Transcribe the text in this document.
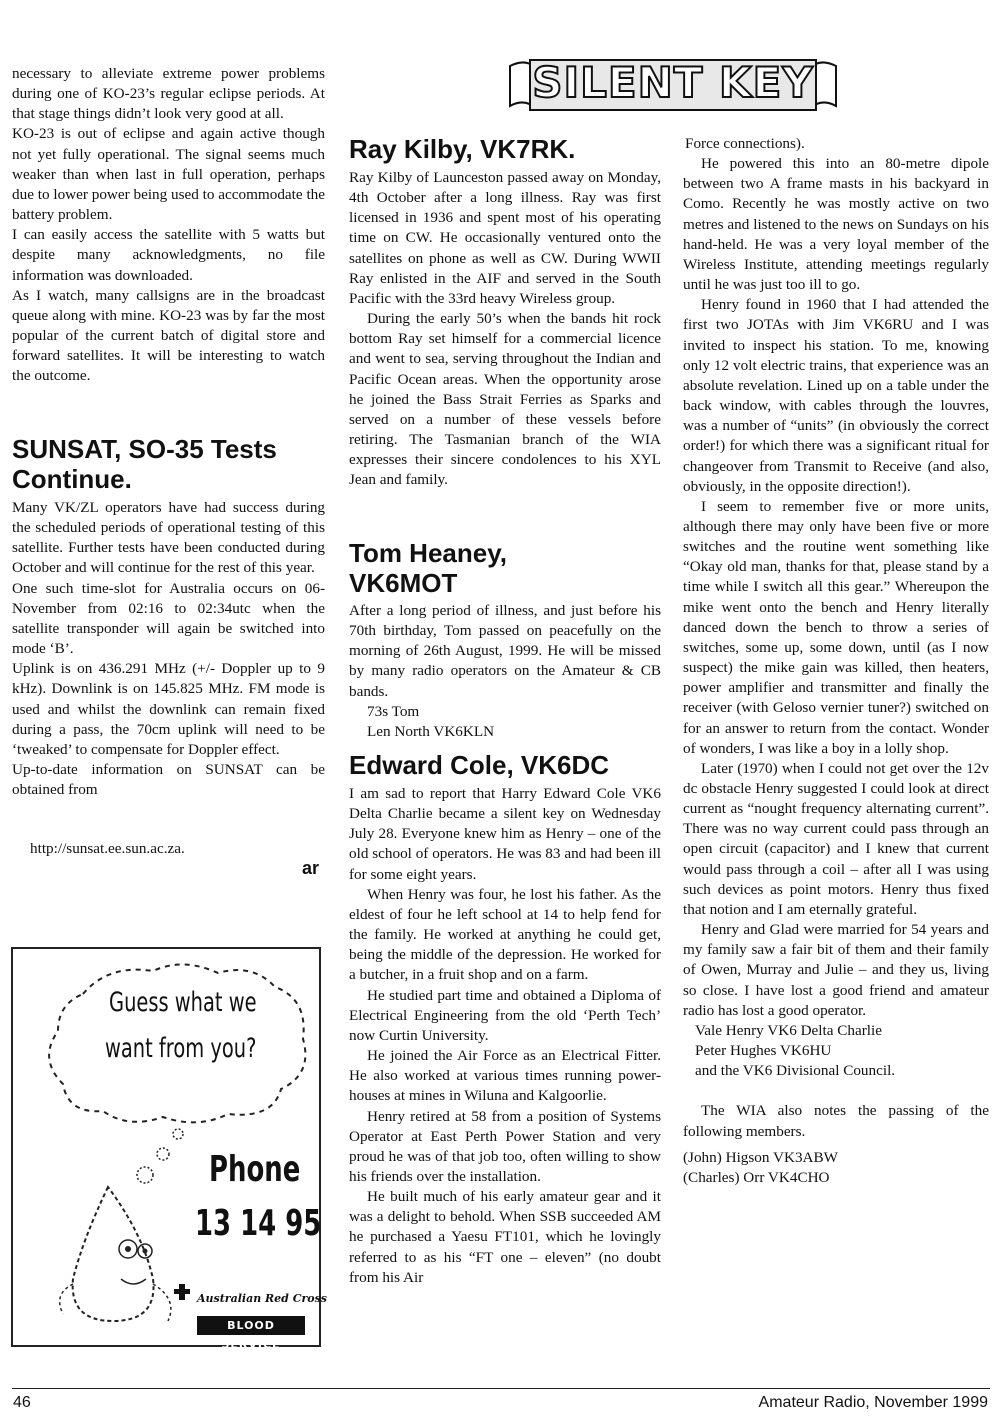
necessary to alleviate extreme power problems during one of KO-23’s regular eclipse periods. At that stage things didn’t look very good at all.

KO-23 is out of eclipse and again active though not yet fully operational. The signal seems much weaker than when last in full operation, perhaps due to lower power being used to accommodate the battery problem.

I can easily access the satellite with 5 watts but despite many acknowledgments, no file information was downloaded.

As I watch, many callsigns are in the broadcast queue along with mine. KO-23 was by far the most popular of the current batch of digital store and forward satellites. It will be interesting to watch the outcome.

SUNSAT, SO-35 Tests Continue.

Many VK/ZL operators have had success during the scheduled periods of operational testing of this satellite. Further tests have been conducted during October and will continue for the rest of this year.

One such time-slot for Australia occurs on 06-November from 02:16 to 02:34utc when the satellite transponder will again be switched into mode ‘B’.

Uplink is on 436.291 MHz (+/- Doppler up to 9 kHz). Downlink is on 145.825 MHz. FM mode is used and whilst the downlink can remain fixed during a pass, the 70cm uplink will need to be ‘tweaked’ to compensate for Doppler effect.

Up-to-date information on SUNSAT can be obtained from

http://sunsat.ee.sun.ac.za.
ar
Guess what we
want from you?
Phone
13 14 95
Australian Red Cross
BLOOD SERVICE
SILENT KEY
Ray Kilby, VK7RK.

Ray Kilby of Launceston passed away on Monday, 4th October after a long illness. Ray was first licensed in 1936 and spent most of his operating time on CW. He occasionally ventured onto the satellites on phone as well as CW. During WWII Ray enlisted in the AIF and served in the South Pacific with the 33rd heavy Wireless group.

During the early 50’s when the bands hit rock bottom Ray set himself for a commercial licence and went to sea, serving throughout the Indian and Pacific Ocean areas. When the opportunity arose he joined the Bass Strait Ferries as Sparks and served on a number of these vessels before retiring. The Tasmanian branch of the WIA expresses their sincere condolences to his XYL Jean and family.

Tom Heaney,
VK6MOT

After a long period of illness, and just before his 70th birthday, Tom passed on peacefully on the morning of 26th August, 1999. He will be missed by many radio operators on the Amateur & CB bands.

73s Tom

Len North VK6KLN

Edward Cole, VK6DC

I am sad to report that Harry Edward Cole VK6 Delta Charlie became a silent key on Wednesday July 28. Everyone knew him as Henry – one of the old school of operators. He was 83 and had been ill for some eight years.

When Henry was four, he lost his father. As the eldest of four he left school at 14 to help fend for the family. He worked at anything he could get, being the middle of the depression. He worked for a butcher, in a fruit shop and on a farm.

He studied part time and obtained a Diploma of Electrical Engineering from the old ‘Perth Tech’ now Curtin University.

He joined the Air Force as an Electrical Fitter. He also worked at various times running power-houses at mines in Wiluna and Kalgoorlie.

Henry retired at 58 from a position of Systems Operator at East Perth Power Station and very proud he was of that job too, often willing to show his friends over the installation.

He built much of his early amateur gear and it was a delight to behold. When SSB succeeded AM he purchased a Yaesu FT101, which he lovingly referred to as his “FT one – eleven” (no doubt from his Air

Force connections).

He powered this into an 80-metre dipole between two A frame masts in his backyard in Como. Recently he was mostly active on two metres and listened to the news on Sundays on his hand-held. He was a very loyal member of the Wireless Institute, attending meetings regularly until he was just too ill to go.

Henry found in 1960 that I had attended the first two JOTAs with Jim VK6RU and I was invited to inspect his station. To me, knowing only 12 volt electric trains, that experience was an absolute revelation. Lined up on a table under the back window, with cables through the louvres, was a number of “units” (in obviously the correct order!) for which there was a significant ritual for changeover from Transmit to Receive (and also, obviously, in the opposite direction!).

I seem to remember five or more units, although there may only have been five or more switches and the routine went something like “Okay old man, thanks for that, please stand by a time while I switch all this gear.” Whereupon the mike went onto the bench and Henry literally danced down the bench to throw a series of switches, some up, some down, until (as I now suspect) the mike gain was killed, then heaters, power amplifier and transmitter and finally the receiver (with Geloso vernier tuner?) switched on for an answer to return from the contact. Wonder of wonders, I was like a boy in a lolly shop.

Later (1970) when I could not get over the 12v dc obstacle Henry suggested I could look at direct current as “nought frequency alternating current”. There was no way current could pass through an open circuit (capacitor) and I knew that current would pass through a coil – after all I was using such devices as point motors. Henry thus fixed that notion and I am eternally grateful.

Henry and Glad were married for 54 years and my family saw a fair bit of them and their family of Owen, Murray and Julie – and they us, living so close. I have lost a good friend and amateur radio has lost a good operator.

Vale Henry VK6 Delta Charlie

Peter Hughes VK6HU

and the VK6 Divisional Council.

The WIA also notes the passing of the following members.

(John) Higson VK3ABW

(Charles) Orr VK4CHO

46	Amateur Radio, November 1999
